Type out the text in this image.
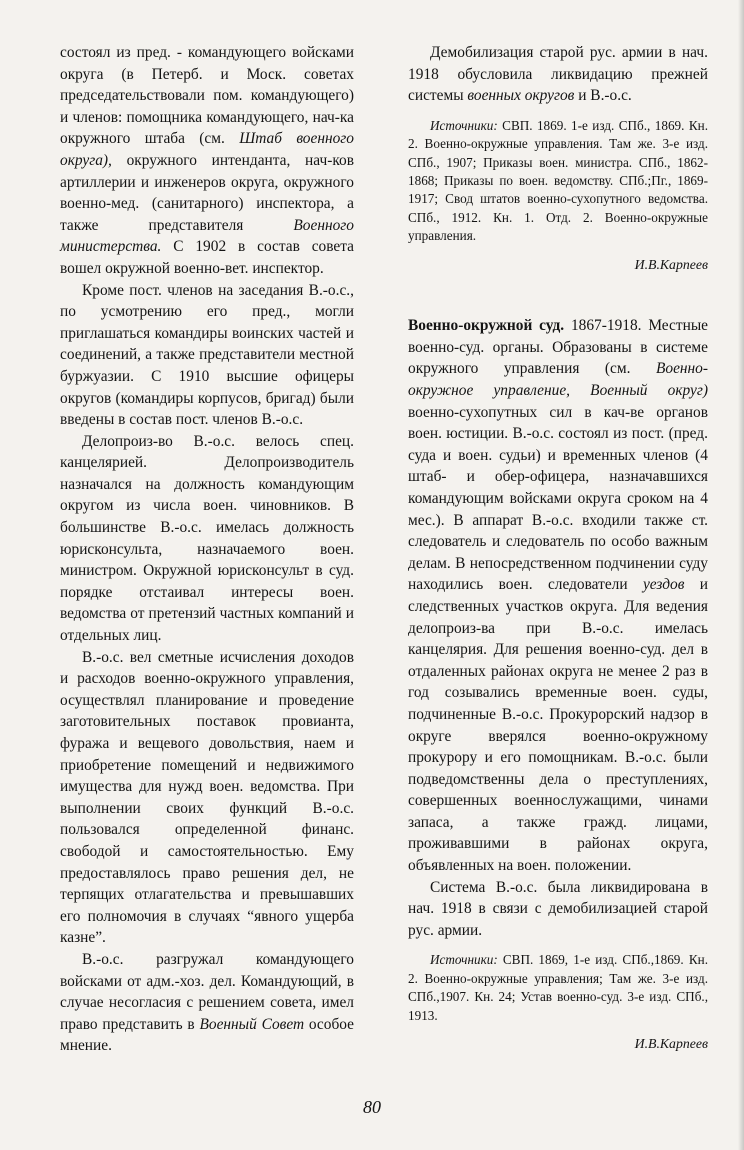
состоял из пред. - командующего войсками округа (в Петерб. и Моск. советах председательствовали пом. командующего) и членов: помощника командующего, нач-ка окружного штаба (см. Штаб военного округа), окружного интенданта, нач-ков артиллерии и инженеров округа, окружного военно-мед. (санитарного) инспектора, а также представителя Военного министерства. С 1902 в состав совета вошел окружной военно-вет. инспектор.

Кроме пост. членов на заседания В.-о.с., по усмотрению его пред., могли приглашаться командиры воинских частей и соединений, а также представители местной буржуазии. С 1910 высшие офицеры округов (командиры корпусов, бригад) были введены в состав пост. членов В.-о.с.

Делопроиз-во В.-о.с. велось спец. канцелярией. Делопроизводитель назначался на должность командующим округом из числа воен. чиновников. В большинстве В.-о.с. имелась должность юрисконсульта, назначаемого воен. министром. Окружной юрисконсульт в суд. порядке отстаивал интересы воен. ведомства от претензий частных компаний и отдельных лиц.

В.-о.с. вел сметные исчисления доходов и расходов военно-окружного управления, осуществлял планирование и проведение заготовительных поставок провианта, фуража и вещевого довольствия, наем и приобретение помещений и недвижимого имущества для нужд воен. ведомства. При выполнении своих функций В.-о.с. пользовался определенной финанс. свободой и самостоятельностью. Ему предоставлялось право решения дел, не терпящих отлагательства и превышавших его полномочия в случаях “явного ущерба казне”.

В.-о.с. разгружал командующего войсками от адм.-хоз. дел. Командующий, в случае несогласия с решением совета, имел право представить в Военный Совет особое мнение.

Демобилизация старой рус. армии в нач. 1918 обусловила ликвидацию прежней системы военных округов и В.-о.с.

Источники: СВП. 1869. 1-е изд. СПб., 1869. Кн. 2. Военно-окружные управления. Там же. 3-е изд. СПб., 1907; Приказы воен. министра. СПб., 1862-1868; Приказы по воен. ведомству. СПб.;Пг., 1869-1917; Свод штатов военно-сухопутного ведомства. СПб., 1912. Кн. 1. Отд. 2. Военно-окружные управления.

И.В.Карпеев

Военно-окружной суд. 1867-1918. Местные военно-суд. органы. Образованы в системе окружного управления (см. Военно-окружное управление, Военный округ) военно-сухопутных сил в кач-ве органов воен. юстиции. В.-о.с. состоял из пост. (пред. суда и воен. судьи) и временных членов (4 штаб- и обер-офицера, назначавшихся командующим войсками округа сроком на 4 мес.). В аппарат В.-о.с. входили также ст. следователь и следователь по особо важным делам. В непосредственном подчинении суду находились воен. следователи уездов и следственных участков округа. Для ведения делопроиз-ва при В.-о.с. имелась канцелярия. Для решения военно-суд. дел в отдаленных районах округа не менее 2 раз в год созывались временные воен. суды, подчиненные В.-о.с. Прокурорский надзор в округе вверялся военно-окружному прокурору и его помощникам. В.-о.с. были подведомственны дела о преступлениях, совершенных военнослужащими, чинами запаса, а также гражд. лицами, проживавшими в районах округа, объявленных на воен. положении.

Система В.-о.с. была ликвидирована в нач. 1918 в связи с демобилизацией старой рус. армии.

Источники: СВП. 1869, 1-е изд. СПб.,1869. Кн. 2. Военно-окружные управления; Там же. 3-е изд. СПб.,1907. Кн. 24; Устав военно-суд. 3-е изд. СПб., 1913.

И.В.Карпеев

80
